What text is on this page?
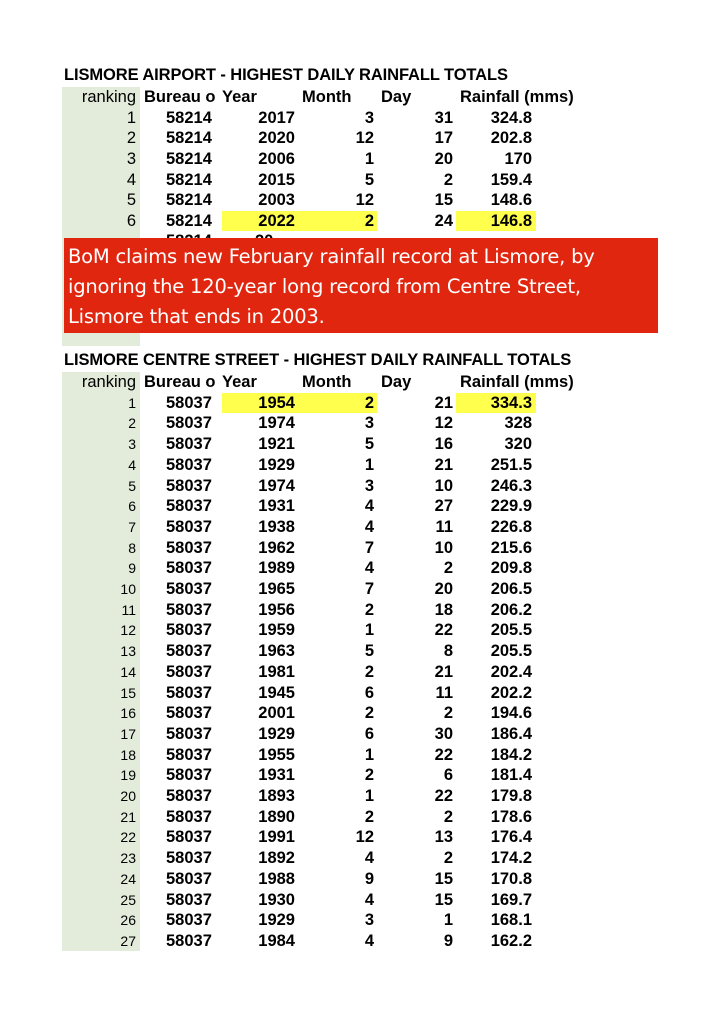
LISMORE AIRPORT - HIGHEST DAILY RAINFALL TOTALS
ranking Bureau o Year	Month Day	Rainfall (mms)
1 58214	2017	3	31 324.8
2 58214	2020	12	17 202.8
3 58214	2006	1	20	170
4 58214	2015	5	2 159.4
5 58214	2003	12	15 148.6
6 58214	2022	2	24 146.8

BoM claims new February rainfall record at Lismore, by
ignoring the 120-year long record from Centre Street,
Lismore that ends in 2003.
LISMORE CENTRE STREET - HIGHEST DAILY RAINFALL TOTALS
ranking Bureau o Year	Month Day	Rainfall (mms)
1 58037	1954	2	21 334.3
2 58037	1974	3	12	328
3 58037	1921	5	16	320
4 58037	1929	1	21 251.5
5 58037	1974	3	10 246.3
6 58037	1931	4	27 229.9
7 58037	1938	4	11 226.8
8 58037	1962	7	10 215.6
9 58037	1989	4	2 209.8
10 58037	1965	7	20 206.5
11 58037	1956	2	18 206.2
12 58037	1959	1	22 205.5
13 58037	1963	5	8 205.5
14 58037	1981	2	21 202.4
15 58037	1945	6	11 202.2
16 58037	2001	2	2 194.6
17 58037	1929	6	30 186.4
18 58037	1955	1	22 184.2
19 58037	1931	2	6 181.4
20 58037	1893	1	22 179.8
21 58037	1890	2	2 178.6
22 58037	1991	12	13 176.4
23 58037	1892	4	2 174.2
24 58037	1988	9	15 170.8
25 58037	1930	4	15 169.7
26 58037	1929	3	1 168.1
27 58037	1984	4	9 162.2
